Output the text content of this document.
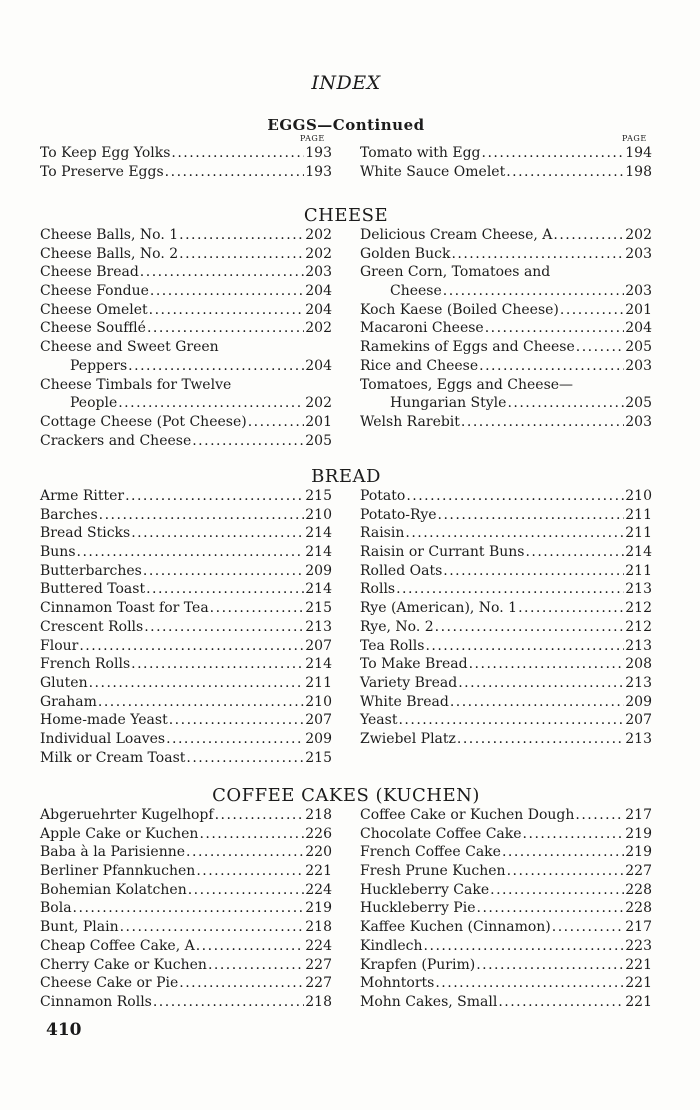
INDEX
EGGS—Continued
PAGE	PAGE
To Keep Egg Yolks .....	193
To Preserve Eggs .....	193
Tomato with Egg .....	194
White Sauce Omelet .....	198
CHEESE
Cheese Balls, No. 1 .....	202
Cheese Balls, No. 2 .....	202
Cheese Bread .....	203
Cheese Fondue .....	204
Cheese Omelet .....	204
Cheese Soufflé .....	202
Cheese and Sweet Green
Peppers .....	204
Cheese Timbals for Twelve
People .....	202
Cottage Cheese (Pot Cheese) .....	201
Crackers and Cheese .....	205
Delicious Cream Cheese, A .....	202
Golden Buck .....	203
Green Corn, Tomatoes and
Cheese .....	203
Koch Kaese (Boiled Cheese) .....	201
Macaroni Cheese .....	204
Ramekins of Eggs and Cheese .....	205
Rice and Cheese .....	203
Tomatoes, Eggs and Cheese—
Hungarian Style .....	205
Welsh Rarebit .....	203
BREAD
Arme Ritter .....	215
Barches .....	210
Bread Sticks .....	214
Buns .....	214
Butterbarches .....	209
Buttered Toast .....	214
Cinnamon Toast for Tea .....	215
Crescent Rolls .....	213
Flour .....	207
French Rolls .....	214
Gluten .....	211
Graham .....	210
Home-made Yeast .....	207
Individual Loaves .....	209
Milk or Cream Toast .....	215
Potato .....	210
Potato-Rye .....	211
Raisin .....	211
Raisin or Currant Buns .....	214
Rolled Oats .....	211
Rolls .....	213
Rye (American), No. 1 .....	212
Rye, No. 2 .....	212
Tea Rolls .....	213
To Make Bread .....	208
Variety Bread .....	213
White Bread .....	209
Yeast .....	207
Zwiebel Platz .....	213
COFFEE CAKES (KUCHEN)
Abgeruehrter Kugelhopf .....	218
Apple Cake or Kuchen .....	226
Baba à la Parisienne .....	220
Berliner Pfannkuchen .....	221
Bohemian Kolatchen .....	224
Bola .....	219
Bunt, Plain .....	218
Cheap Coffee Cake, A .....	224
Cherry Cake or Kuchen .....	227
Cheese Cake or Pie .....	227
Cinnamon Rolls .....	218
Coffee Cake or Kuchen Dough .....	217
Chocolate Coffee Cake .....	219
French Coffee Cake .....	219
Fresh Prune Kuchen .....	227
Huckleberry Cake .....	228
Huckleberry Pie .....	228
Kaffee Kuchen (Cinnamon) .....	217
Kindlech .....	223
Krapfen (Purim) .....	221
Mohntorts .....	221
Mohn Cakes, Small .....	221
410
